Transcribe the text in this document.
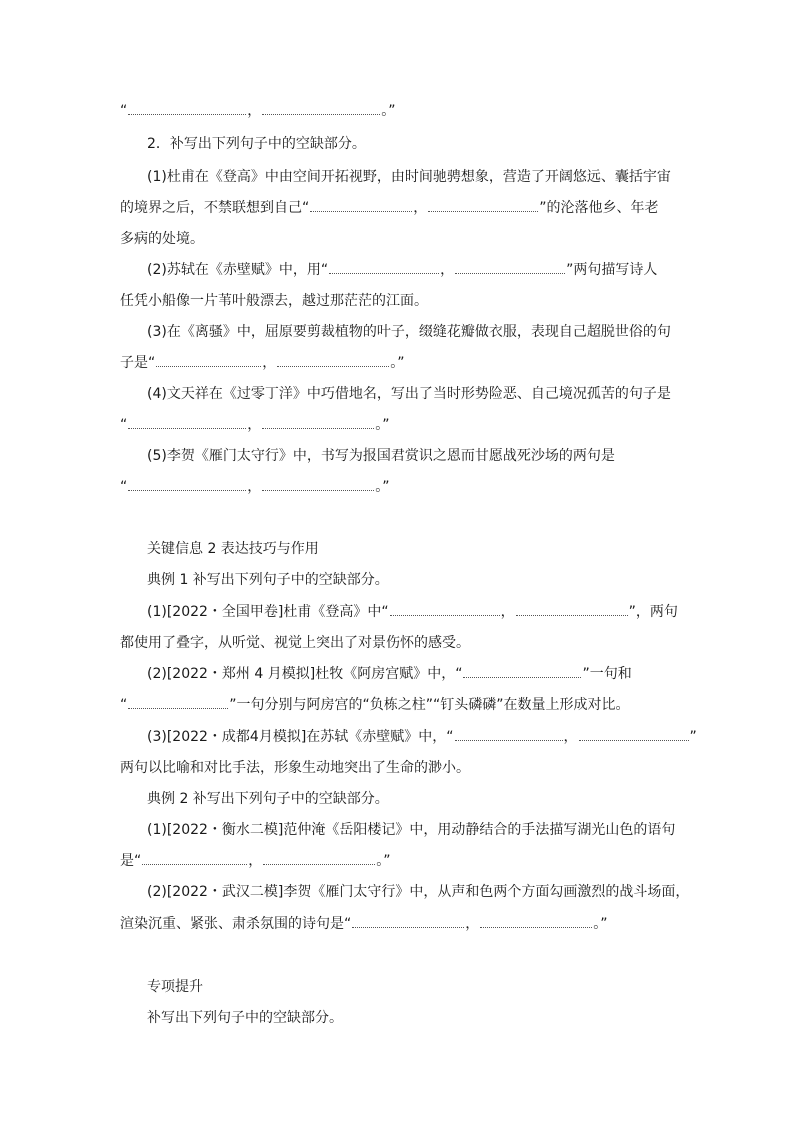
“	，	。”

2．补写出下列句子中的空缺部分。

(1)杜甫在《登高》中由空间开拓视野，由时间驰骋想象，营造了开阔悠远、囊括宇宙

的境界之后，不禁联想到自己“	，	”的沦落他乡、年老

多病的处境。

(2)苏轼在《赤壁赋》中，用“	，	”两句描写诗人

任凭小船像一片苇叶般漂去，越过那茫茫的江面。

(3)在《离骚》中，屈原要剪裁植物的叶子，缀缝花瓣做衣服，表现自己超脱世俗的句

子是“	，	。”

(4)文天祥在《过零丁洋》中巧借地名，写出了当时形势险恶、自己境况孤苦的句子是

“	，	。”

(5)李贺《雁门太守行》中，书写为报国君赏识之恩而甘愿战死沙场的两句是

“	，	。”

关键信息 2 表达技巧与作用

典例 1 补写出下列句子中的空缺部分。

(1)[2022・全国甲卷]杜甫《登高》中“	，	”，两句

都使用了叠字，从听觉、视觉上突出了对景伤怀的感受。

(2)[2022・郑州 4 月模拟]杜牧《阿房宫赋》中，“	”一句和

“	”一句分别与阿房宫的“负栋之柱”“钉头磷磷”在数量上形成对比。

(3)[2022・成都4月模拟]在苏轼《赤壁赋》中，“	，	”

两句以比喻和对比手法，形象生动地突出了生命的渺小。

典例 2 补写出下列句子中的空缺部分。

(1)[2022・衡水二模]范仲淹《岳阳楼记》中，用动静结合的手法描写湖光山色的语句

是“	，	。”

(2)[2022・武汉二模]李贺《雁门太守行》中，从声和色两个方面勾画激烈的战斗场面，

渲染沉重、紧张、肃杀氛围的诗句是“	，	。”

专项提升

补写出下列句子中的空缺部分。
